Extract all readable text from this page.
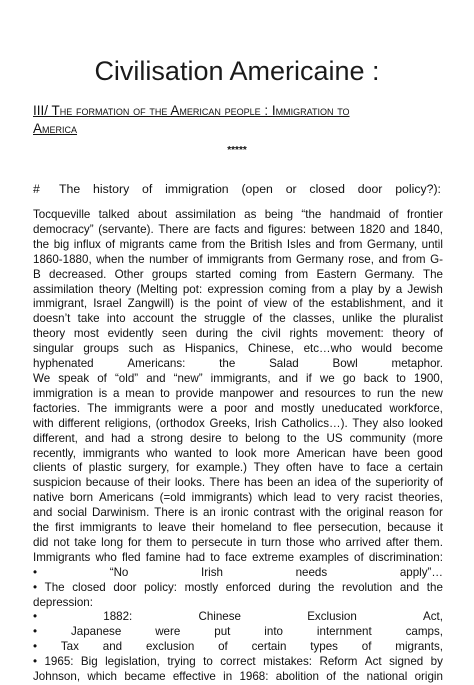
Civilisation Americaine :
III/ The formation of the American people : Immigration to
America
*****
# The history of immigration (open or closed door policy?):
Tocqueville talked about assimilation as being “the handmaid of frontier
democracy” (servante). There are facts and figures: between 1820 and 1840,
the big influx of migrants came from the British Isles and from Germany, until
1860-1880, when the number of immigrants from Germany rose, and from G-
B decreased. Other groups started coming from Eastern Germany. The
assimilation theory (Melting pot: expression coming from a play by a Jewish
immigrant, Israel Zangwill) is the point of view of the establishment, and it
doesn’t take into account the struggle of the classes, unlike the pluralist
theory most evidently seen during the civil rights movement: theory of
singular groups such as Hispanics, Chinese, etc…who would become
hyphenated	Americans:	the	Salad	Bowl	metaphor.
We speak of “old” and “new” immigrants, and if we go back to 1900,
immigration is a mean to provide manpower and resources to run the new
factories. The immigrants were a poor and mostly uneducated workforce,
with different religions, (orthodox Greeks, Irish Catholics…). They also looked
different, and had a strong desire to belong to the US community (more
recently, immigrants who wanted to look more American have been good
clients of plastic surgery, for example.) They often have to face a certain
suspicion because of their looks. There has been an idea of the superiority of
native born Americans (=old immigrants) which lead to very racist theories,
and social Darwinism. There is an ironic contrast with the original reason for
the first immigrants to leave their homeland to flee persecution, because it
did not take long for them to persecute in turn those who arrived after them.
Immigrants who fled famine had to face extreme examples of discrimination:
•	“No	Irish	needs	apply”…
• The closed door policy: mostly enforced during the revolution and the
depression:
•	1882:	Chinese	Exclusion	Act,
•	Japanese	were	put	into	internment	camps,
• Tax and exclusion of certain types of migrants,
• 1965: Big legislation, trying to correct mistakes: Reform Act signed by
Johnson, which became effective in 1968: abolition of the national origin
